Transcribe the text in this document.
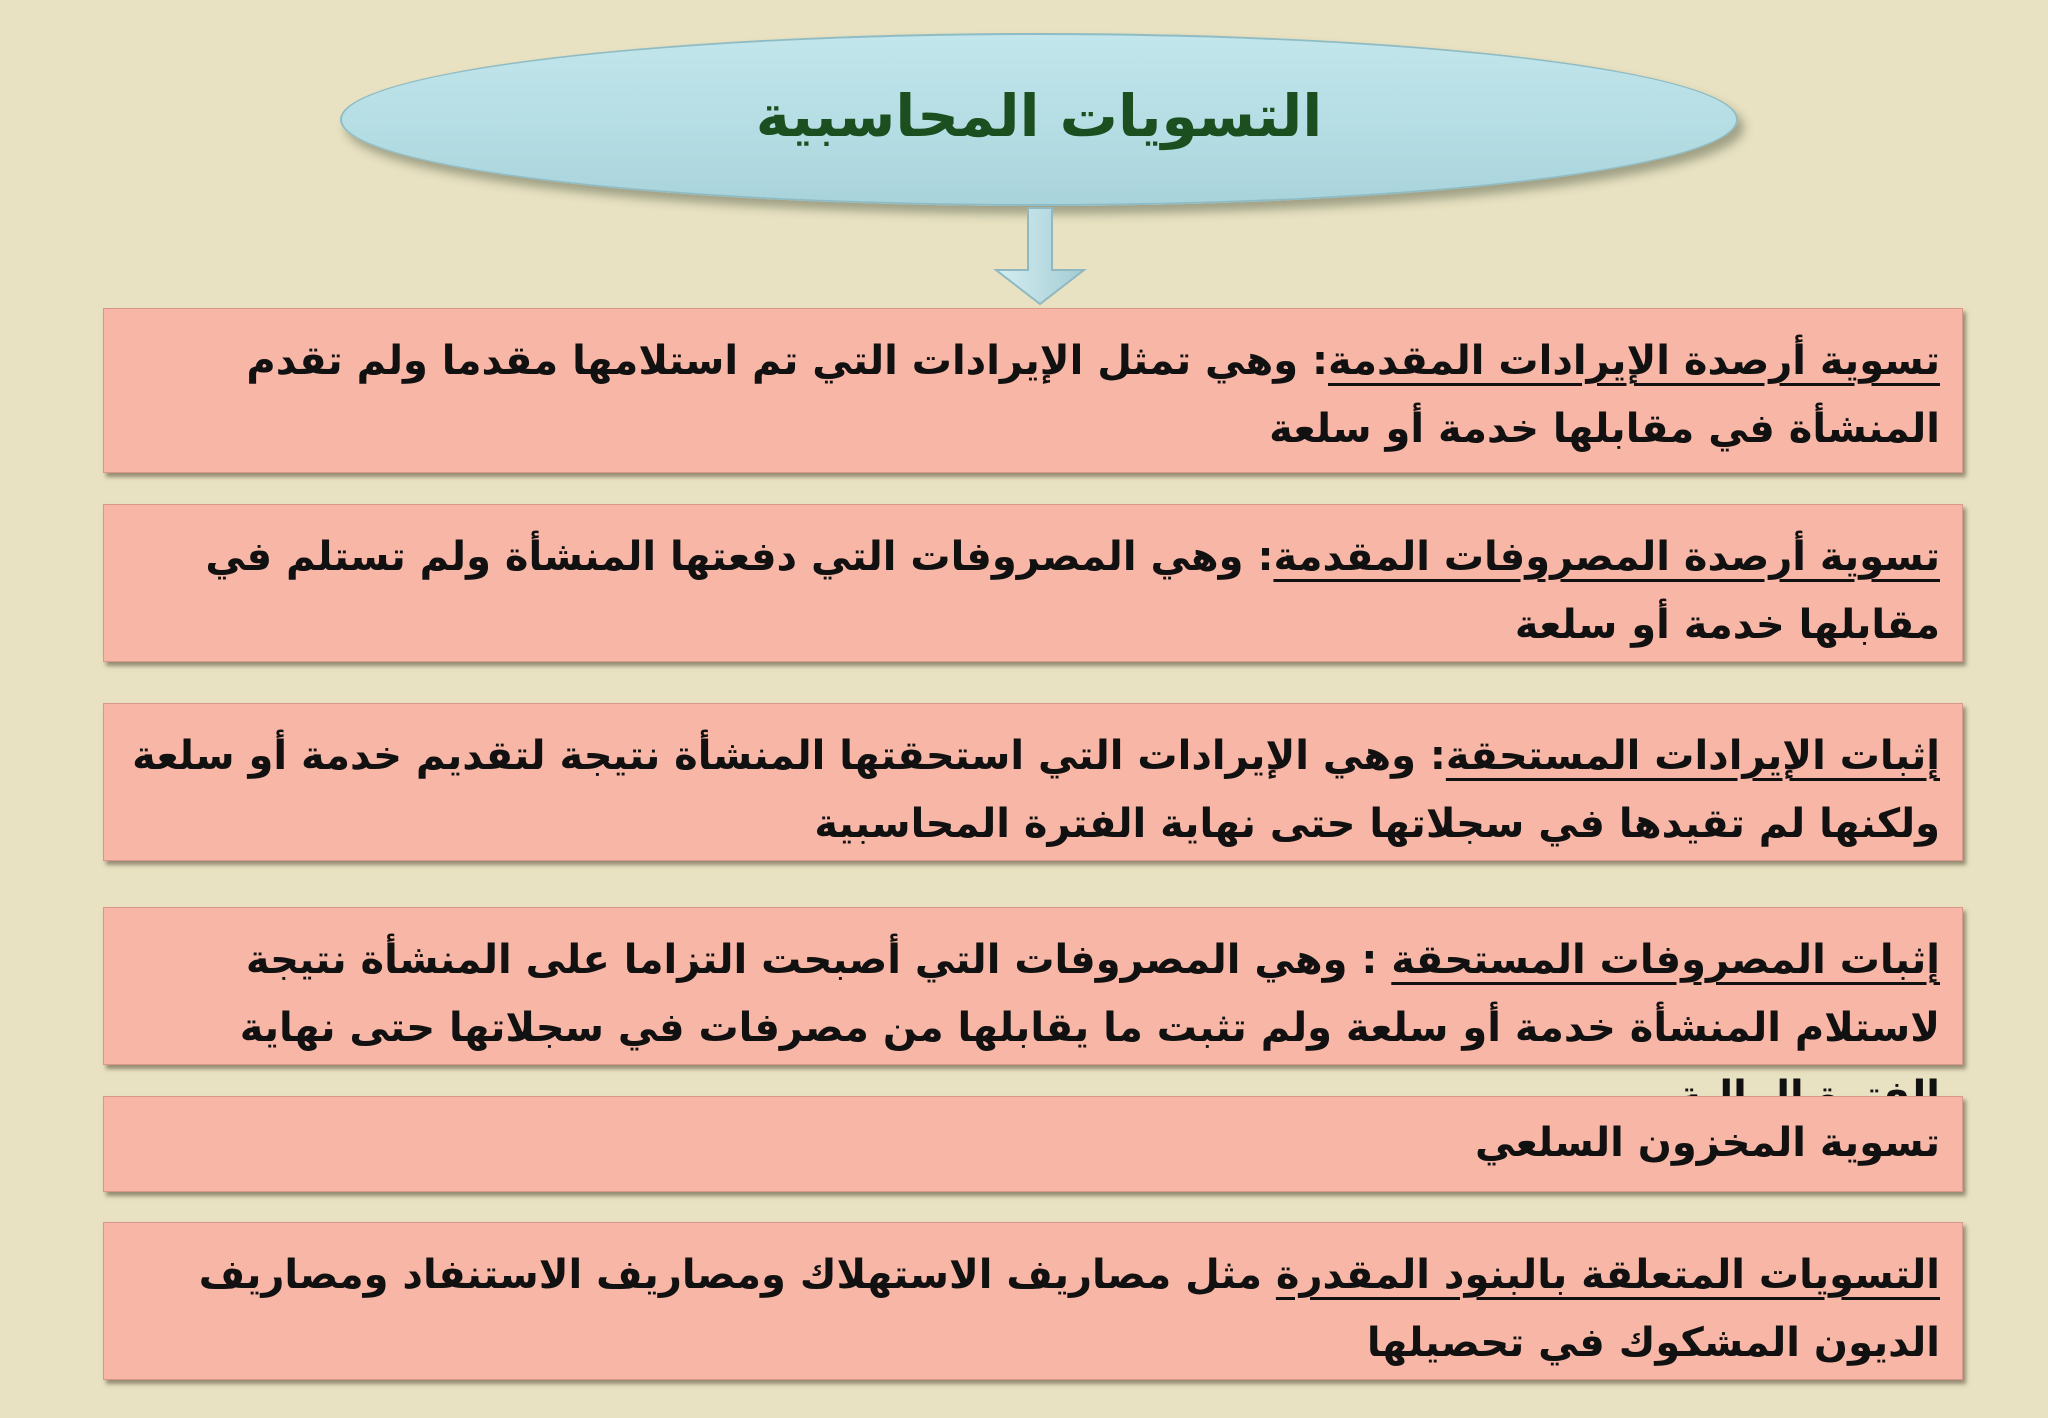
التسويات المحاسبية
تسوية أرصدة الإيرادات المقدمة: وهي تمثل الإيرادات التي تم استلامها مقدما ولم تقدم المنشأة في مقابلها خدمة أو سلعة
تسوية أرصدة المصروفات المقدمة: وهي المصروفات التي دفعتها المنشأة ولم تستلم في مقابلها خدمة أو سلعة
إثبات الإيرادات المستحقة: وهي الإيرادات التي استحقتها المنشأة نتيجة لتقديم خدمة أو سلعة ولكنها لم تقيدها في سجلاتها حتى نهاية الفترة المحاسبية
إثبات المصروفات المستحقة : وهي المصروفات التي أصبحت التزاما على المنشأة نتيجة لاستلام المنشأة خدمة أو سلعة ولم تثبت ما يقابلها من مصرفات في سجلاتها حتى نهاية
تسوية المخزون السلعي
التسويات المتعلقة بالبنود المقدرة مثل مصاريف الاستهلاك ومصاريف الاستنفاد ومصاريف الديون المشكوك في تحصيلها
